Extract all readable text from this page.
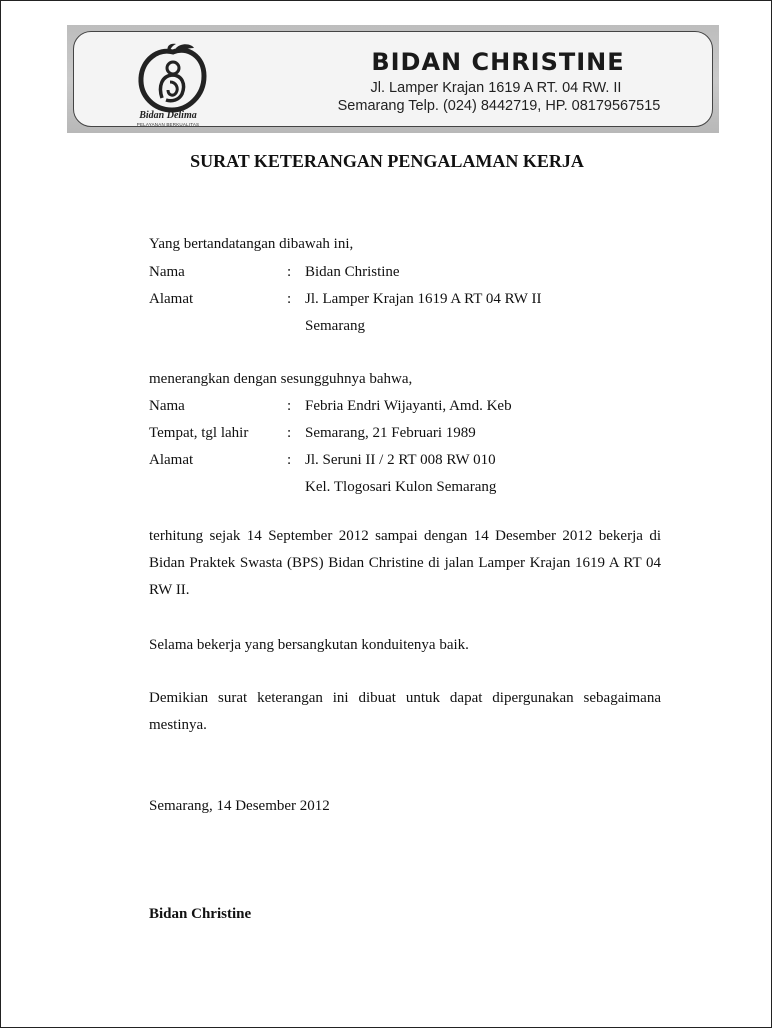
Bidan Delima
PELAYANAN BERKUALITAS
BIDAN CHRISTINE
Jl. Lamper Krajan 1619 A RT. 04 RW. II
Semarang Telp. (024) 8442719, HP. 08179567515
SURAT KETERANGAN PENGALAMAN KERJA
Yang bertandatangan dibawah ini,
Nama	: Bidan Christine
Alamat	: Jl. Lamper Krajan 1619 A RT 04 RW II
Semarang
menerangkan dengan sesungguhnya bahwa,
Nama	: Febria Endri Wijayanti, Amd. Keb
Tempat, tgl lahir	: Semarang, 21 Februari 1989
Alamat	: Jl. Seruni II / 2 RT 008 RW 010
Kel. Tlogosari Kulon Semarang
terhitung sejak 14 September 2012 sampai dengan 14 Desember 2012 bekerja di Bidan Praktek Swasta (BPS) Bidan Christine di jalan Lamper Krajan 1619 A RT 04 RW II.
Selama bekerja yang bersangkutan konduitenya baik.
Demikian surat keterangan ini dibuat untuk dapat dipergunakan sebagaimana mestinya.
Semarang, 14 Desember 2012
Bidan Christine
